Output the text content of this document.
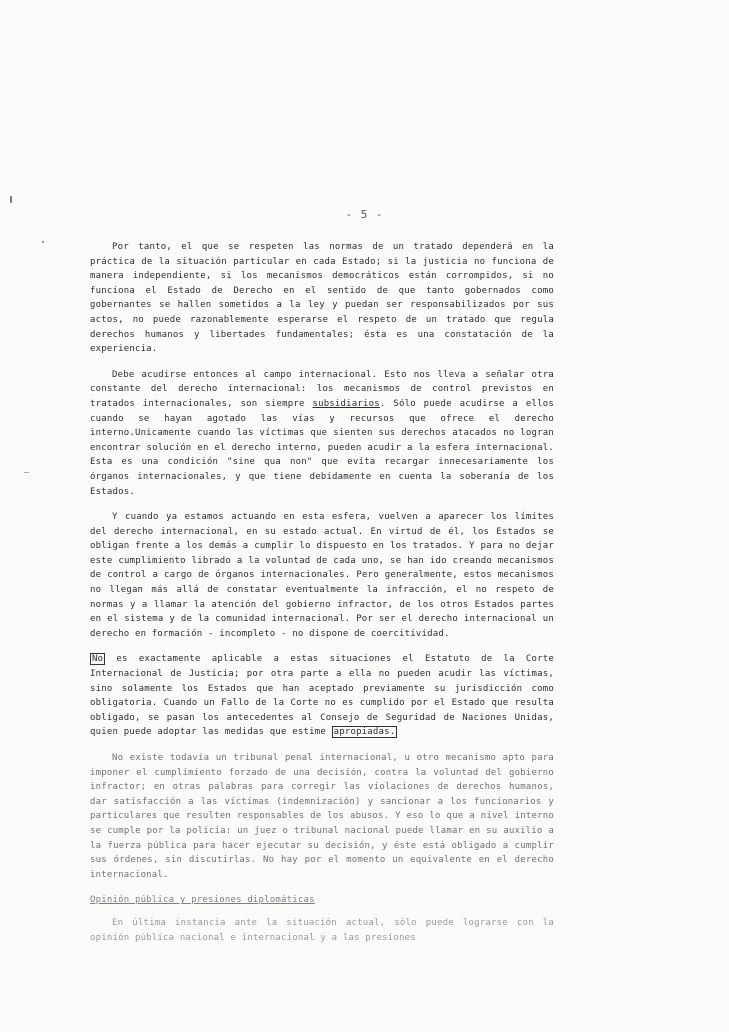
- 5 -

Por tanto, el que se respeten las normas de un tratado dependerá en la práctica de la situación particular en cada Estado; si la justicia no funciona de manera independiente, si los mecanismos democráticos están corrompidos, si no funciona el Estado de Derecho en el sentido de que tanto gobernados como gobernantes se hallen sometidos a la ley y puedan ser responsabilizados por sus actos, no puede razonablemente esperarse el respeto de un tratado que regula derechos humanos y libertades fundamentales; ésta es una constatación de la experiencia.

Debe acudirse entonces al campo internacional. Esto nos lleva a señalar otra constante del derecho internacional: los mecanismos de control previstos en tratados internacionales, son siempre subsidiarios. Sólo puede acudirse a ellos cuando se hayan agotado las vías y recursos que ofrece el derecho interno.Unicamente cuando las víctimas que sienten sus derechos atacados no logran encontrar solución en el derecho interno, pueden acudir a la esfera internacional. Esta es una condición "sine qua non" que evita recargar innecesariamente los órganos internacionales, y que tiene debidamente en cuenta la soberanía de los Estados.

Y cuando ya estamos actuando en esta esfera, vuelven a aparecer los límites del derecho internacional, en su estado actual. En virtud de él, los Estados se obligan frente a los demás a cumplir lo dispuesto en los tratados. Y para no dejar este cumplimiento librado a la voluntad de cada uno, se han ido creando mecanismos de control a cargo de órganos internacionales. Pero generalmente, estos mecanismos no llegan más allá de constatar eventualmente la infracción, el no respeto de normas y a llamar la atención del gobierno infractor, de los otros Estados partes en el sistema y de la comunidad internacional. Por ser el derecho internacional un derecho en formación - incompleto - no dispone de coercitividad.

No es exactamente aplicable a estas situaciones el Estatuto de la Corte Internacional de Justicia; por otra parte a ella no pueden acudir las víctimas, sino solamente los Estados que han aceptado previamente su jurisdicción como obligatoria. Cuando un Fallo de la Corte no es cumplido por el Estado que resulta obligado, se pasan los antecedentes al Consejo de Seguridad de Naciones Unidas, quien puede adoptar las medidas que estime apropiadas.

No existe todavía un tribunal penal internacional, u otro mecanismo apto para imponer el cumplimiento forzado de una decisión, contra la voluntad del gobierno infractor; en otras palabras para corregir las violaciones de derechos humanos, dar satisfacción a las víctimas (indemnización) y sancionar a los funcionarios y particulares que resulten responsables de los abusos. Y eso lo que a nivel interno se cumple por la policía: un juez o tribunal nacional puede llamar en su auxilio a la fuerza pública para hacer ejecutar su decisión, y éste está obligado a cumplir sus órdenes, sin discutirlas. No hay por el momento un equivalente en el derecho internacional.

Opinión pública y presiones diplomáticas

En última instancia ante la situación actual, sólo puede lograrse con la opinión pública nacional e internacional y a las presiones
